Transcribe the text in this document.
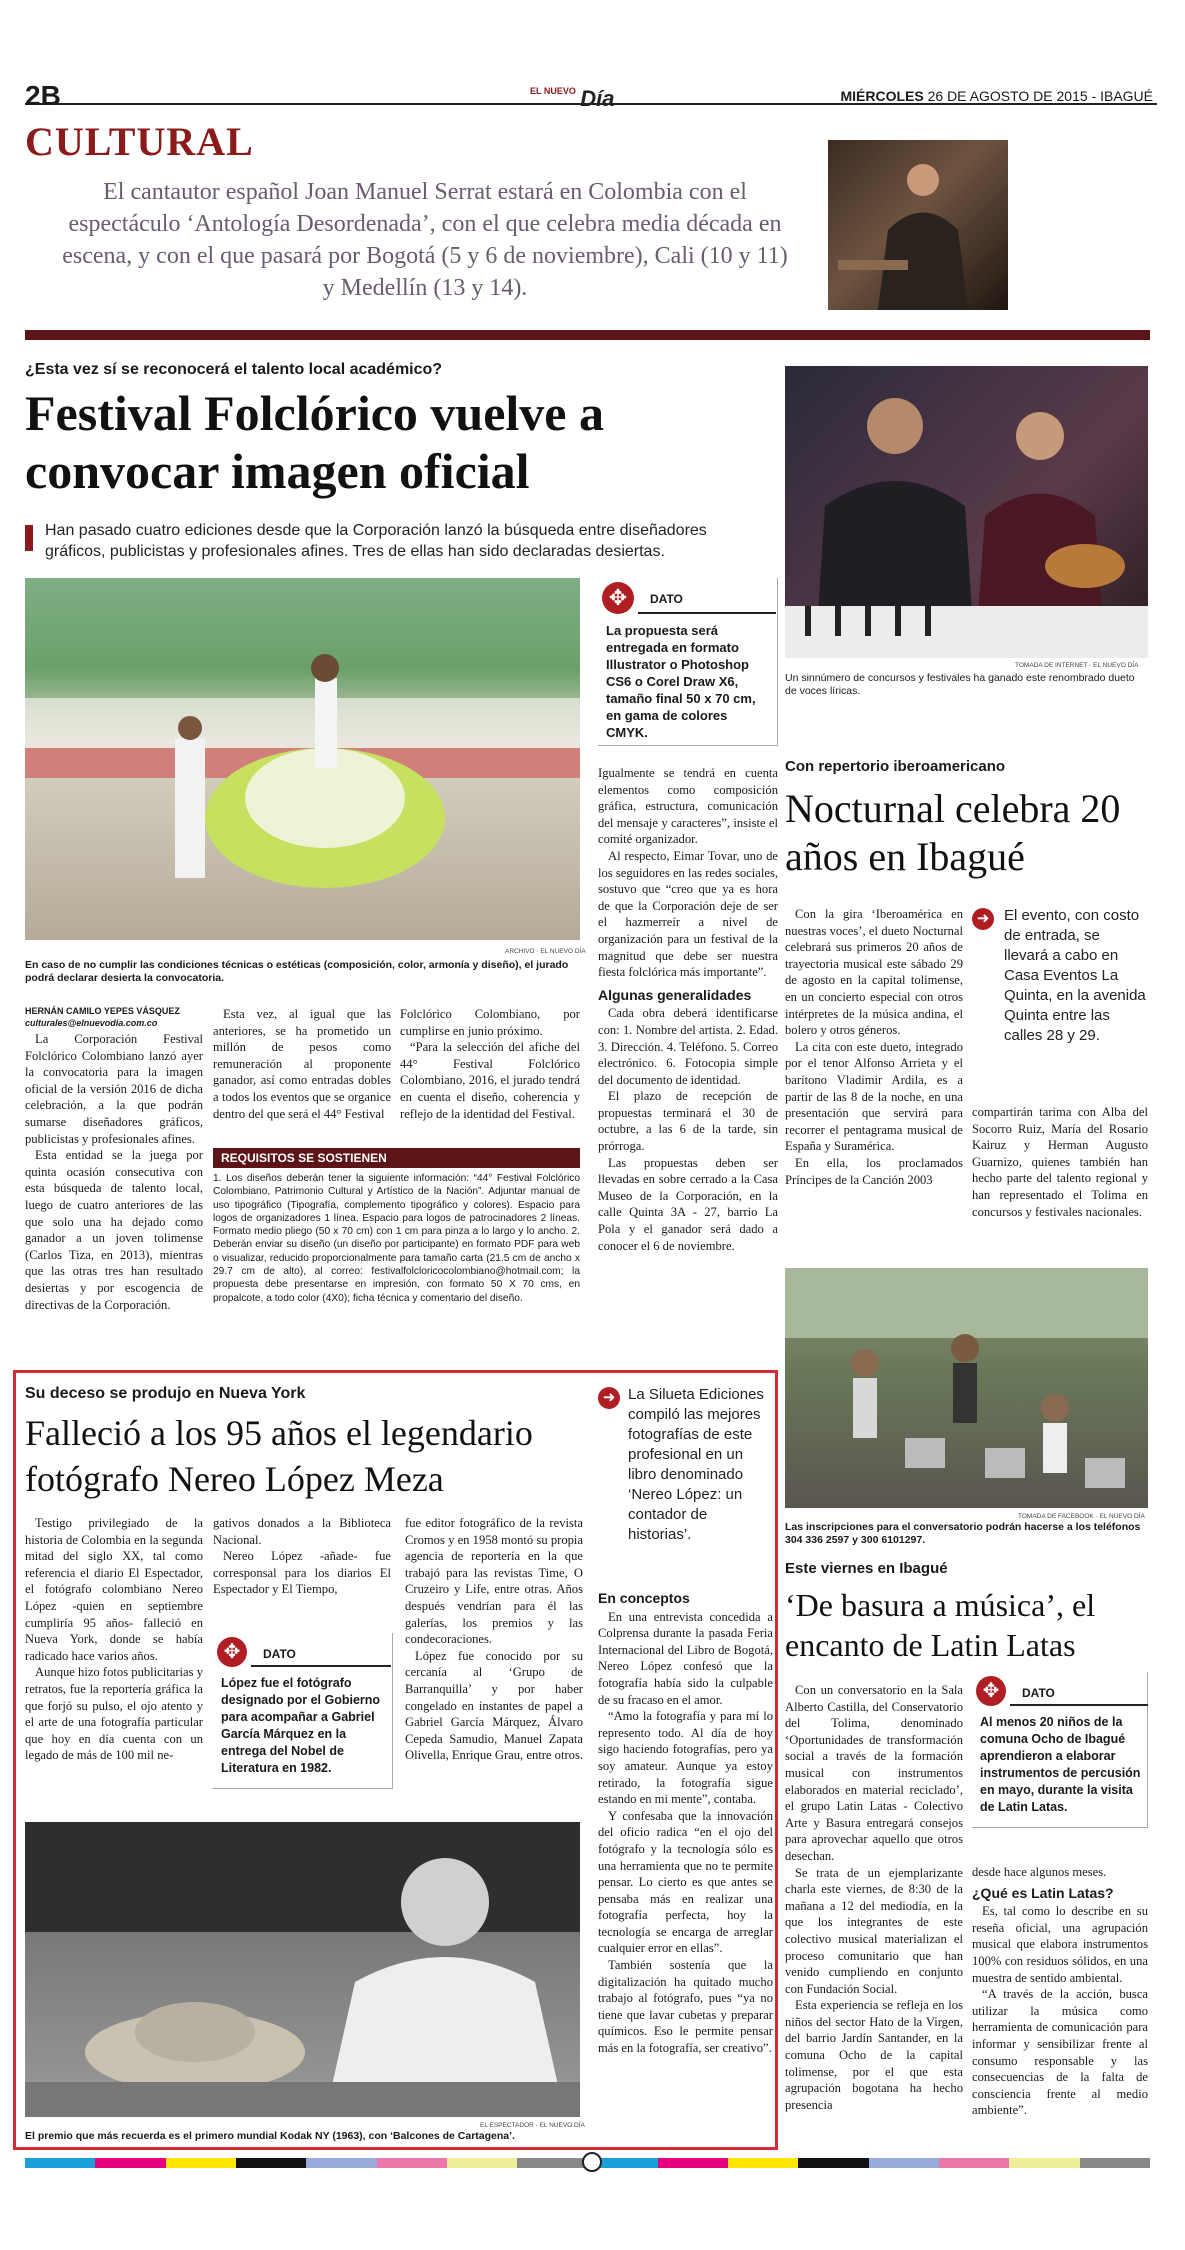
2B
CULTURAL
$^{EL NUEVO}$ Día	MIÉRCOLES 26 DE AGOSTO DE 2015 - IBAGUÉ
El cantautor español Joan Manuel Serrat estará en Colombia con el espectáculo ‘Antología Desordenada’, con el que celebra media década en escena, y con el que pasará por Bogotá (5 y 6 de noviembre), Cali (10 y 11) y Medellín (13 y 14).
¿Esta vez sí se reconocerá el talento local académico?
Festival Folclórico vuelve a convocar imagen oficial
Han pasado cuatro ediciones desde que la Corporación lanzó la búsqueda entre diseñadores gráficos, publicistas y profesionales afines. Tres de ellas han sido declaradas desiertas.
ARCHIVO · EL NUEVO DÍA
En caso de no cumplir las condiciones técnicas o estéticas (composición, color, armonía y diseño), el jurado podrá declarar desierta la convocatoria.
✥	DATO
La propuesta será entregada en formato Illustrator o Photoshop CS6 o Corel Draw X6, tamaño final 50 x 70 cm, en gama de colores CMYK.
HERNÁN CAMILO YEPES VÁSQUEZ
culturales@elnuevodia.com.co

La Corporación Festival Folclórico Colombiano lanzó ayer la convocatoria para la imagen oficial de la versión 2016 de dicha celebración, a la que podrán sumarse diseñadores gráficos, publicistas y profesionales afines.

Esta entidad se la juega por quinta ocasión consecutiva con esta búsqueda de talento local, luego de cuatro anteriores de las que solo una ha dejado como ganador a un joven tolimense (Carlos Tiza, en 2013), mientras que las otras tres han resultado desiertas y por escogencia de directivas de la Corporación.

Esta vez, al igual que las anteriores, se ha prometido un millón de pesos como remuneración al proponente ganador, así como entradas dobles a todos los eventos que se organice dentro del que será el 44° Festival

Folclórico Colombiano, por cumplirse en junio próximo.

“Para la selección del afiche del 44° Festival Folclórico Colombiano, 2016, el jurado tendrá en cuenta el diseño, coherencia y reflejo de la identidad del Festival.

REQUISITOS SE SOSTIENEN
1. Los diseños deberán tener la siguiente información: “44° Festival Folclórico Colombiano, Patrimonio Cultural y Artístico de la Nación”. Adjuntar manual de uso tipográfico (Tipografía, complemento tipográfico y colores). Espacio para logos de organizadores 1 línea. Espacio para logos de patrocinadores 2 líneas. Formato medio pliego (50 x 70 cm) con 1 cm para pinza a lo largo y lo ancho. 2. Deberán enviar su diseño (un diseño por participante) en formato PDF para web o visualizar, reducido proporcionalmente para tamaño carta (21.5 cm de ancho x 29.7 cm de alto), al correo: festivalfolcloricocolombiano@hotmail.com; la propuesta debe presentarse en impresión, con formato 50 X 70 cms, en propalcote, a todo color (4X0); ficha técnica y comentario del diseño.

Igualmente se tendrá en cuenta elementos como composición gráfica, estructura, comunicación del mensaje y caracteres”, insiste el comité organizador.

Al respecto, Eimar Tovar, uno de los seguidores en las redes sociales, sostuvo que “creo que ya es hora de que la Corporación deje de ser el hazmerreír a nivel de organización para un festival de la magnitud que debe ser nuestra fiesta folclórica más importante”.

Algunas generalidades

Cada obra deberá identificarse con: 1. Nombre del artista. 2. Edad. 3. Dirección. 4. Teléfono. 5. Correo electrónico. 6. Fotocopia simple del documento de identidad.

El plazo de recepción de propuestas terminará el 30 de octubre, a las 6 de la tarde, sin prórroga.

Las propuestas deben ser llevadas en sobre cerrado a la Casa Museo de la Corporación, en la calle Quinta 3A - 27, barrio La Pola y el ganador será dado a conocer el 6 de noviembre.

TOMADA DE INTERNET · EL NUEVO DÍA
Un sinnúmero de concursos y festivales ha ganado este renombrado dueto de voces líricas.
Con repertorio iberoamericano
Nocturnal celebra 20 años en Ibagué

Con la gira ‘Iberoamérica en nuestras voces’, el dueto Nocturnal celebrará sus primeros 20 años de trayectoria musical este sábado 29 de agosto en la capital tolimense, en un concierto especial con otros intérpretes de la música andina, el bolero y otros géneros.

La cita con este dueto, integrado por el tenor Alfonso Arrieta y el barítono Vladimir Ardila, es a partir de las 8 de la noche, en una presentación que servirá para recorrer el pentagrama musical de España y Suramérica.

En ella, los proclamados Príncipes de la Canción 2003

➜ El evento, con costo de entrada, se llevará a cabo en Casa Eventos La Quinta, en la avenida Quinta entre las calles 28 y 29.

compartirán tarima con Alba del Socorro Ruiz, María del Rosario Kairuz y Herman Augusto Guarnizo, quienes también han hecho parte del talento regional y han representado el Tolima en concursos y festivales nacionales.

TOMADA DE FACEBOOK · EL NUEVO DÍA
Las inscripciones para el conversatorio podrán hacerse a los teléfonos 304 336 2597 y 300 6101297.
Este viernes en Ibagué
‘De basura a música’, el encanto de Latin Latas

Con un conversatorio en la Sala Alberto Castilla, del Conservatorio del Tolima, denominado ‘Oportunidades de transformación social a través de la formación musical con instrumentos elaborados en material reciclado’, el grupo Latin Latas - Colectivo Arte y Basura entregará consejos para aprovechar aquello que otros desechan.

Se trata de un ejemplarizante charla este viernes, de 8:30 de la mañana a 12 del mediodía, en la que los integrantes de este colectivo musical materializan el proceso comunitario que han venido cumpliendo en conjunto con Fundación Social.

Esta experiencia se refleja en los niños del sector Hato de la Virgen, del barrio Jardín Santander, en la comuna Ocho de la capital tolimense, por el que esta agrupación bogotana ha hecho presencia

✥	DATO
Al menos 20 niños de la comuna Ocho de Ibagué aprendieron a elaborar instrumentos de percusión en mayo, durante la visita de Latin Latas.

desde hace algunos meses.

¿Qué es Latin Latas?

Es, tal como lo describe en su reseña oficial, una agrupación musical que elabora instrumentos 100% con residuos sólidos, en una muestra de sentido ambiental.

“A través de la acción, busca utilizar la música como herramienta de comunicación para informar y sensibilizar frente al consumo responsable y las consecuencias de la falta de consciencia frente al medio ambiente”.

Su deceso se produjo en Nueva York
Falleció a los 95 años el legendario fotógrafo Nereo López Meza
➜ La Silueta Ediciones compiló las mejores fotografías de este profesional en un libro denominado ‘Nereo López: un contador de historias’.

Testigo privilegiado de la historia de Colombia en la segunda mitad del siglo XX, tal como referencia el diario El Espectador, el fotógrafo colombiano Nereo López -quien en septiembre cumpliría 95 años- falleció en Nueva York, donde se había radicado hace varios años.

Aunque hizo fotos publicitarias y retratos, fue la reportería gráfica la que forjó su pulso, el ojo atento y el arte de una fotografía particular que hoy en día cuenta con un legado de más de 100 mil ne-

gativos donados a la Biblioteca Nacional.

Nereo López -añade- fue corresponsal para los diarios El Espectador y El Tiempo,

fue editor fotográfico de la revista Cromos y en 1958 montó su propia agencia de reportería en la que trabajó para las revistas Time, O Cruzeiro y Life, entre otras. Años después vendrían para él las galerías, los premios y las condecoraciones.

López fue conocido por su cercanía al ‘Grupo de Barranquilla’ y por haber congelado en instantes de papel a Gabriel García Márquez, Álvaro Cepeda Samudio, Manuel Zapata Olivella, Enrique Grau, entre otros.

✥	DATO
López fue el fotógrafo designado por el Gobierno para acompañar a Gabriel García Márquez en la entrega del Nobel de Literatura en 1982.
En conceptos

En una entrevista concedida a Colprensa durante la pasada Feria Internacional del Libro de Bogotá, Nereo López confesó que la fotografía había sido la culpable de su fracaso en el amor.

“Amo la fotografía y para mí lo represento todo. Al día de hoy sigo haciendo fotografías, pero ya soy amateur. Aunque ya estoy retirado, la fotografía sigue estando en mi mente”, contaba.

Y confesaba que la innovación del oficio radica “en el ojo del fotógrafo y la tecnología sólo es una herramienta que no te permite pensar. Lo cierto es que antes se pensaba más en realizar una fotografía perfecta, hoy la tecnología se encarga de arreglar cualquier error en ellas”.

También sostenía que la digitalización ha quitado mucho trabajo al fotógrafo, pues “ya no tiene que lavar cubetas y preparar químicos. Eso le permite pensar más en la fotografía, ser creativo”.

EL ESPECTADOR · EL NUEVO DÍA
El premio que más recuerda es el primero mundial Kodak NY (1963), con ‘Balcones de Cartagena’.
